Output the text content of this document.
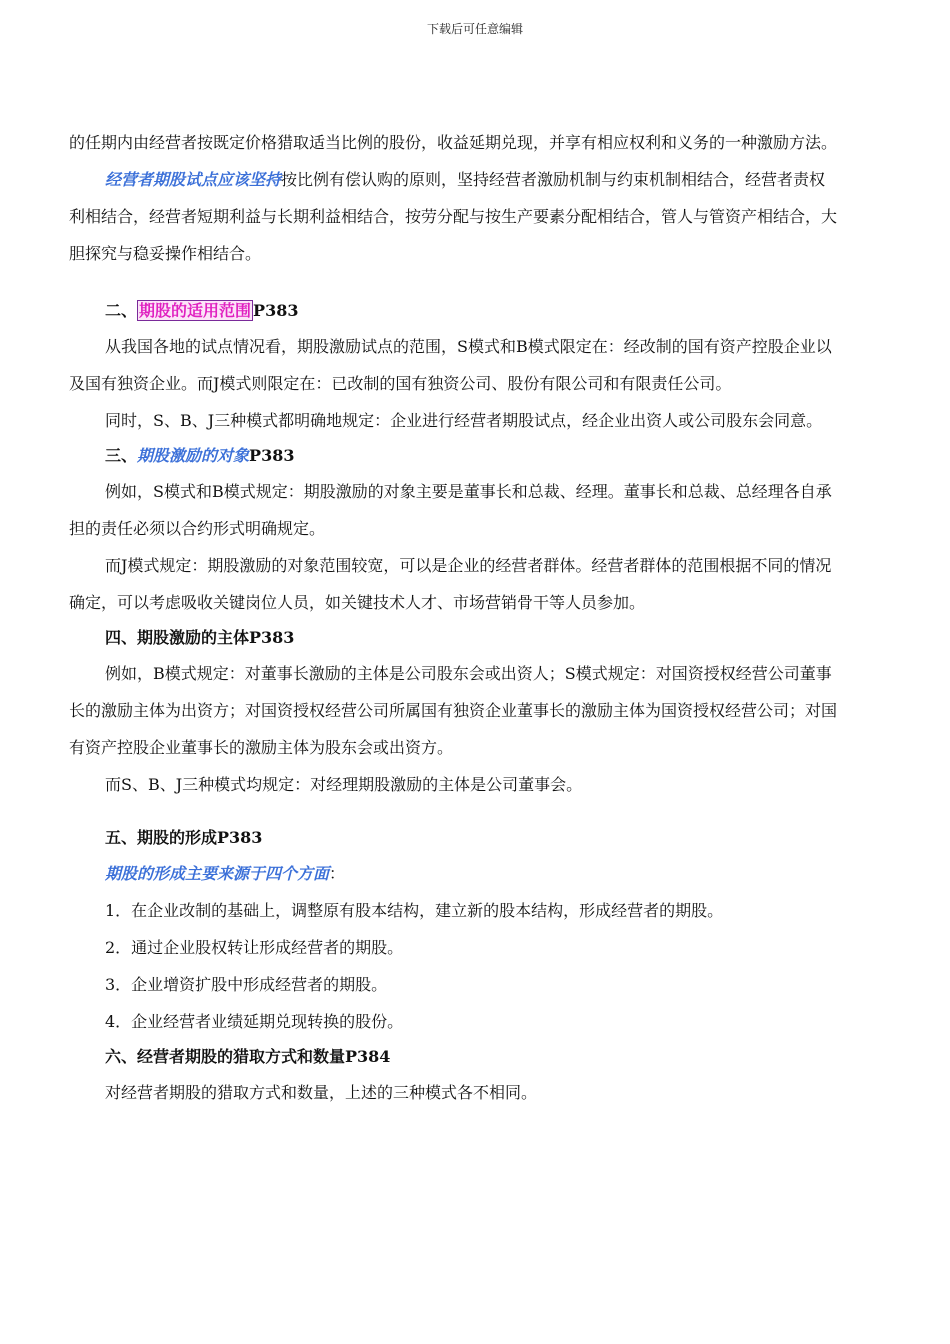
下载后可任意编辑

的任期内由经营者按既定价格猎取适当比例的股份，收益延期兑现，并享有相应权利和义务的一种激励方法。

经营者期股试点应该坚持按比例有偿认购的原则，坚持经营者激励机制与约束机制相结合，经营者责权利相结合，经营者短期利益与长期利益相结合，按劳分配与按生产要素分配相结合，管人与管资产相结合，大胆探究与稳妥操作相结合。

二、 期股的适用范围 P383

从我国各地的试点情况看，期股激励试点的范围，S模式和B模式限定在：经改制的国有资产控股企业以及国有独资企业。而J模式则限定在：已改制的国有独资公司、股份有限公司和有限责任公司。

同时，S、B、J三种模式都明确地规定：企业进行经营者期股试点，经企业出资人或公司股东会同意。

三、期股激励的对象P383

例如，S模式和B模式规定：期股激励的对象主要是董事长和总裁、经理。董事长和总裁、总经理各自承担的责任必须以合约形式明确规定。

而J模式规定：期股激励的对象范围较宽，可以是企业的经营者群体。经营者群体的范围根据不同的情况确定，可以考虑吸收关键岗位人员，如关键技术人才、市场营销骨干等人员参加。

四、期股激励的主体P383

例如，B模式规定：对董事长激励的主体是公司股东会或出资人；S模式规定：对国资授权经营公司董事长的激励主体为出资方；对国资授权经营公司所属国有独资企业董事长的激励主体为国资授权经营公司；对国有资产控股企业董事长的激励主体为股东会或出资方。

而S、B、J三种模式均规定：对经理期股激励的主体是公司董事会。

五、期股的形成P383

期股的形成主要来源于四个方面：

1．在企业改制的基础上，调整原有股本结构，建立新的股本结构，形成经营者的期股。

2．通过企业股权转让形成经营者的期股。

3．企业增资扩股中形成经营者的期股。

4．企业经营者业绩延期兑现转换的股份。

六、经营者期股的猎取方式和数量P384

对经营者期股的猎取方式和数量，上述的三种模式各不相同。
